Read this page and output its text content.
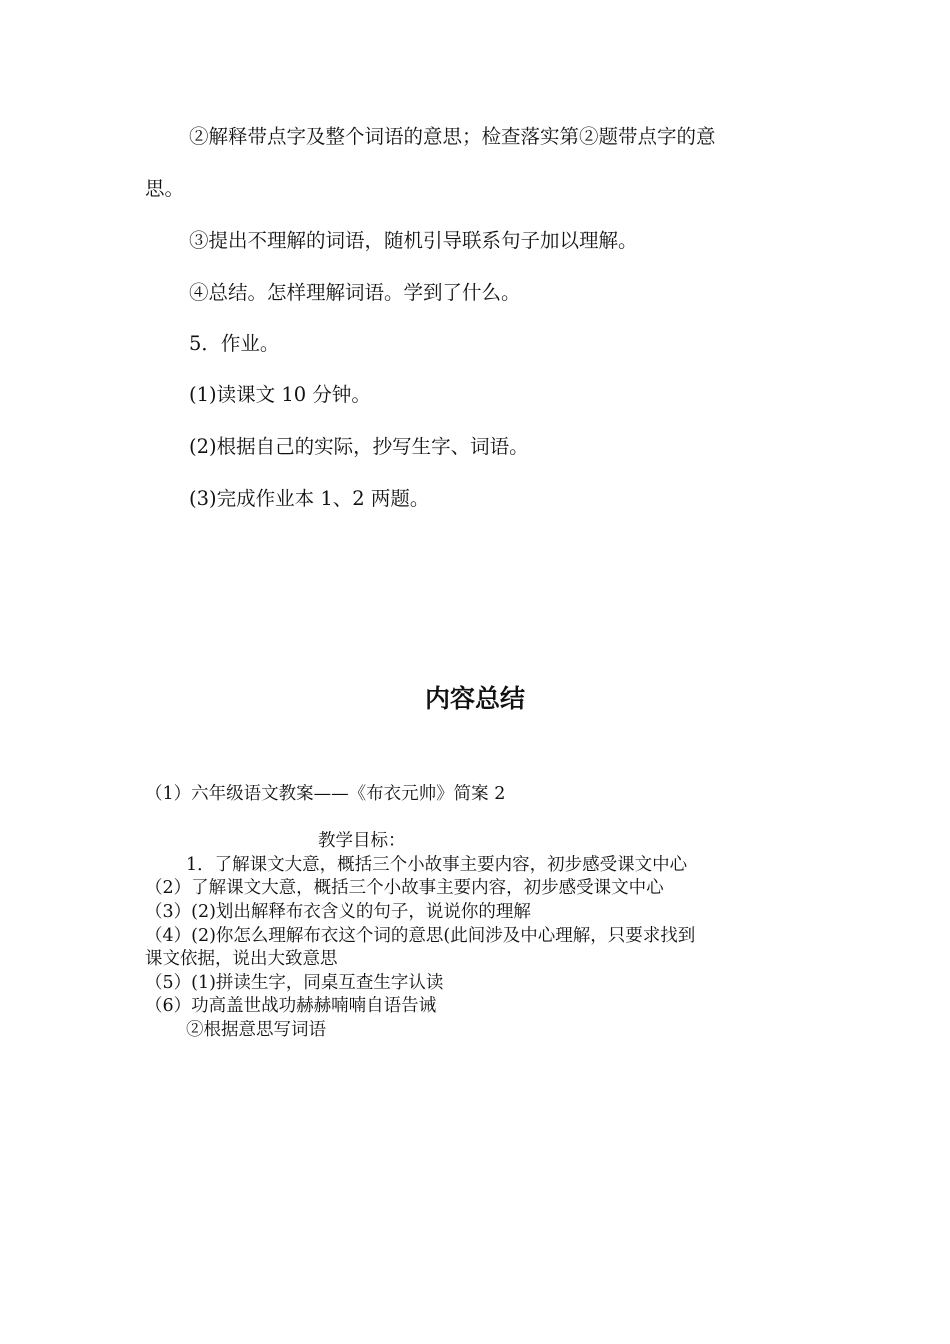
②解释带点字及整个词语的意思；检查落实第②题带点字的意

思。

③提出不理解的词语，随机引导联系句子加以理解。

④总结。怎样理解词语。学到了什么。

5．作业。

(1)读课文 10 分钟。

(2)根据自己的实际，抄写生字、词语。

(3)完成作业本 1、2 两题。

内容总结

（1）六年级语文教案——《布衣元帅》简案 2

教学目标：

1．了解课文大意，概括三个小故事主要内容，初步感受课文中心

（2）了解课文大意，概括三个小故事主要内容，初步感受课文中心

（3）(2)划出解释布衣含义的句子，说说你的理解

（4）(2)你怎么理解布衣这个词的意思(此间涉及中心理解，只要求找到

课文依据，说出大致意思

（5）(1)拼读生字，同桌互查生字认读

（6）功高盖世战功赫赫喃喃自语告诫

②根据意思写词语
